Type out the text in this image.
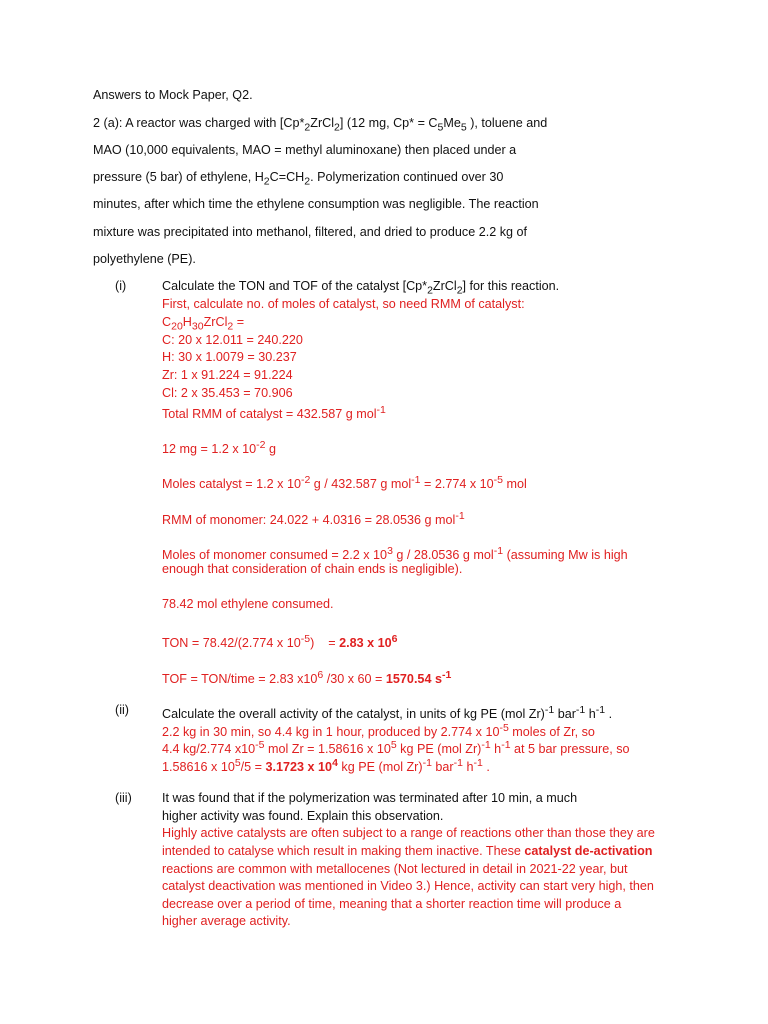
Answers to Mock Paper, Q2.
2 (a): A reactor was charged with $[Cp*_2ZrCl_2]$ (12 mg, $Cp* = C_5Me_5$ ), toluene and
MAO (10,000 equivalents, MAO = methyl aluminoxane) then placed under a
pressure (5 bar) of ethylene, $H_2C=CH_2$. Polymerization continued over 30
minutes, after which time the ethylene consumption was negligible. The reaction
mixture was precipitated into methanol, filtered, and dried to produce 2.2 kg of
polyethylene (PE).
(i)	Calculate the TON and TOF of the catalyst $[Cp*_2ZrCl_2]$ for this reaction.
First, calculate no. of moles of catalyst, so need RMM of catalyst:
$C_{20}H_{30}ZrCl_2$ =
C: 20 x 12.011 = 240.220
H: 30 x 1.0079 = 30.237
Zr: 1 x 91.224 = 91.224
Cl: 2 x 35.453 = 70.906
Total RMM of catalyst = 432.587 g mol$^{-1}$
12 mg = 1.2 x $10^{-2}$ g
Moles catalyst = 1.2 x $10^{-2}$ g / 432.587 g mol$^{-1}$ = 2.774 x $10^{-5}$ mol
RMM of monomer: 24.022 + 4.0316 = 28.0536 g mol$^{-1}$
Moles of monomer consumed = 2.2 x $10^3$ g / 28.0536 g mol$^{-1}$ (assuming Mw is high
enough that consideration of chain ends is negligible).
78.42 mol ethylene consumed.
TON = 78.42/(2.774 x $10^{-5}$)    = 2.83 x $10^6$
TOF = TON/time = 2.83 $x10^6$ /30 x 60 = 1570.54 $s^{-1}$
(ii)	Calculate the overall activity of the catalyst, in units of kg PE (mol Zr)$^{-1}$ bar$^{-1}$ $h^{-1}$ .
2.2 kg in 30 min, so 4.4 kg in 1 hour, produced by 2.774 x $10^{-5}$ moles of Zr, so
4.4 kg/2.774 $x10^{-5}$ mol Zr = 1.58616 x $10^5$ kg PE (mol Zr)$^{-1}$ $h^{-1}$ at 5 bar pressure, so
1.58616 x $10^5/5 = 3.1723$ x $10^4$ kg PE (mol Zr)$^{-1}$ bar$^{-1}$ $h^{-1}$ .
(iii) It was found that if the polymerization was terminated after 10 min, a much
higher activity was found. Explain this observation.
Highly active catalysts are often subject to a range of reactions other than those they are
intended to catalyse which result in making them inactive. These catalyst de-activation
reactions are common with metallocenes (Not lectured in detail in 2021-22 year, but
catalyst deactivation was mentioned in Video 3.) Hence, activity can start very high, then
decrease over a period of time, meaning that a shorter reaction time will produce a
higher average activity.
